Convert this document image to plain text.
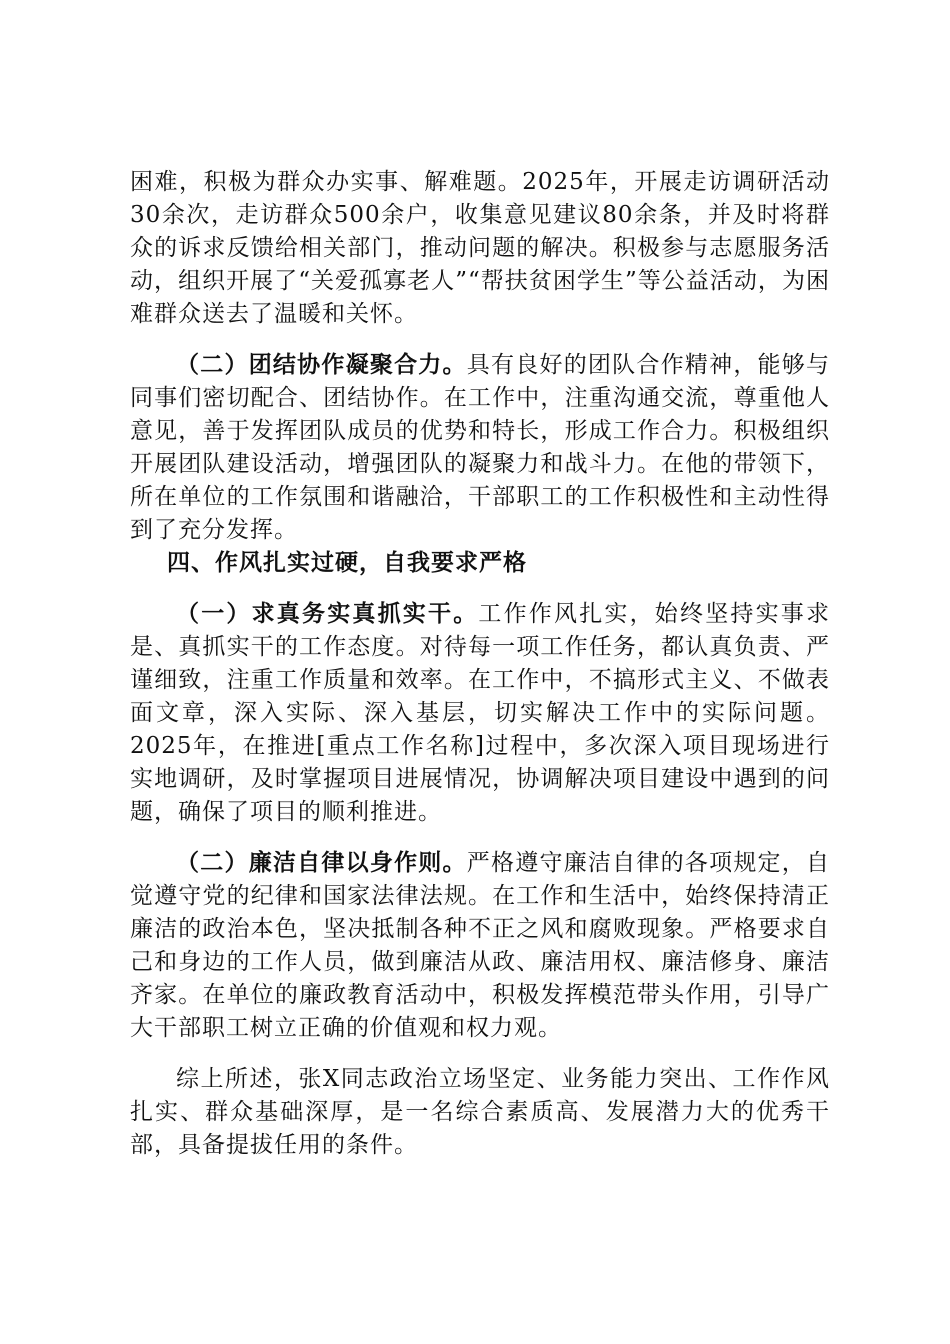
困难，积极为群众办实事、解难题。2025年，开展走访调研活动30余次，走访群众500余户，收集意见建议80余条，并及时将群众的诉求反馈给相关部门，推动问题的解决。积极参与志愿服务活动，组织开展了“关爱孤寡老人”“帮扶贫困学生”等公益活动，为困难群众送去了温暖和关怀。

（二）团结协作凝聚合力。具有良好的团队合作精神，能够与同事们密切配合、团结协作。在工作中，注重沟通交流，尊重他人意见，善于发挥团队成员的优势和特长，形成工作合力。积极组织开展团队建设活动，增强团队的凝聚力和战斗力。在他的带领下，所在单位的工作氛围和谐融洽，干部职工的工作积极性和主动性得到了充分发挥。

四、作风扎实过硬，自我要求严格

（一）求真务实真抓实干。工作作风扎实，始终坚持实事求是、真抓实干的工作态度。对待每一项工作任务，都认真负责、严谨细致，注重工作质量和效率。在工作中，不搞形式主义、不做表面文章，深入实际、深入基层，切实解决工作中的实际问题。2025年，在推进[重点工作名称]过程中，多次深入项目现场进行实地调研，及时掌握项目进展情况，协调解决项目建设中遇到的问题，确保了项目的顺利推进。

（二）廉洁自律以身作则。严格遵守廉洁自律的各项规定，自觉遵守党的纪律和国家法律法规。在工作和生活中，始终保持清正廉洁的政治本色，坚决抵制各种不正之风和腐败现象。严格要求自己和身边的工作人员，做到廉洁从政、廉洁用权、廉洁修身、廉洁齐家。在单位的廉政教育活动中，积极发挥模范带头作用，引导广大干部职工树立正确的价值观和权力观。

综上所述，张X同志政治立场坚定、业务能力突出、工作作风扎实、群众基础深厚，是一名综合素质高、发展潜力大的优秀干部，具备提拔任用的条件。
